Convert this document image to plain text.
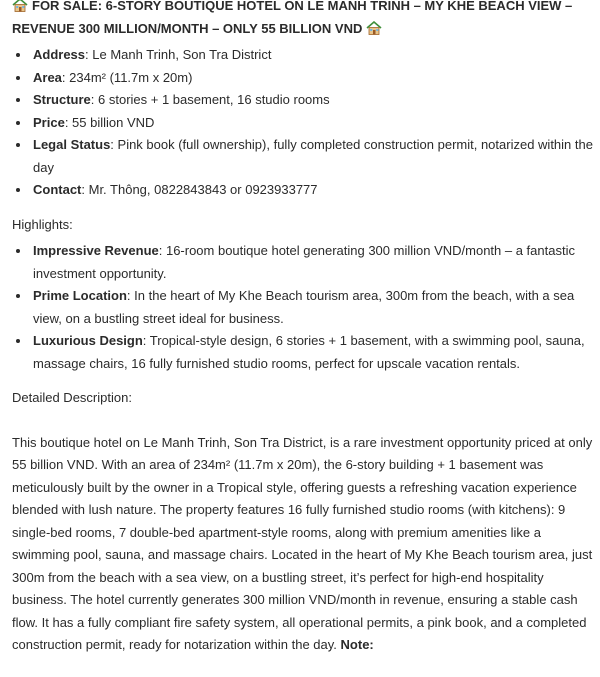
FOR SALE: 6-STORY BOUTIQUE HOTEL ON LE MANH TRINH – MY KHE BEACH VIEW – REVENUE 300 MILLION/MONTH – ONLY 55 BILLION VND

Address: Le Manh Trinh, Son Tra District
Area: 234m² (11.7m x 20m)
Structure: 6 stories + 1 basement, 16 studio rooms
Price: 55 billion VND
Legal Status: Pink book (full ownership), fully completed construction permit, notarized within the day
Contact: Mr. Thông, 0822843843 or 0923933777
Highlights:
Impressive Revenue: 16-room boutique hotel generating 300 million VND/month – a fantastic investment opportunity.
Prime Location: In the heart of My Khe Beach tourism area, 300m from the beach, with a sea view, on a bustling street ideal for business.
Luxurious Design: Tropical-style design, 6 stories + 1 basement, with a swimming pool, sauna, massage chairs, 16 fully furnished studio rooms, perfect for upscale vacation rentals.
Detailed Description:
This boutique hotel on Le Manh Trinh, Son Tra District, is a rare investment opportunity priced at only 55 billion VND. With an area of 234m² (11.7m x 20m), the 6-story building + 1 basement was meticulously built by the owner in a Tropical style, offering guests a refreshing vacation experience blended with lush nature. The property features 16 fully furnished studio rooms (with kitchens): 9 single-bed rooms, 7 double-bed apartment-style rooms, along with premium amenities like a swimming pool, sauna, and massage chairs. Located in the heart of My Khe Beach tourism area, just 300m from the beach with a sea view, on a bustling street, it’s perfect for high-end hospitality business. The hotel currently generates 300 million VND/month in revenue, ensuring a stable cash flow. It has a fully compliant fire safety system, all operational permits, a pink book, and a completed construction permit, ready for notarization within the day. Note:
